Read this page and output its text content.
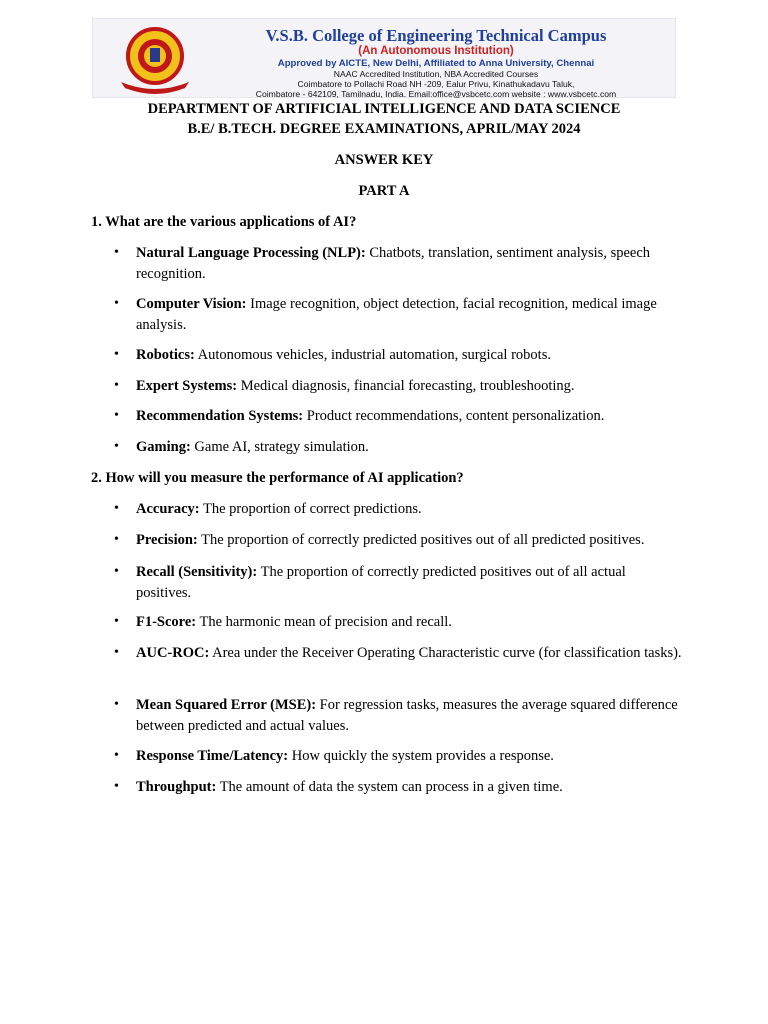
V.S.B. College of Engineering Technical Campus
(An Autonomous Institution)
Approved by AICTE, New Delhi, Affiliated to Anna University, Chennai
NAAC Accredited Institution, NBA Accredited Courses
Coimbatore to Pollachi Road NH -209, Ealur Privu, Kinathukadavu Taluk,
Coimbatore - 642109, Tamilnadu, India. Email:office@vsbcetc.com website : www.vsbcetc.com
DEPARTMENT OF ARTIFICIAL INTELLIGENCE AND DATA SCIENCE
B.E/ B.TECH. DEGREE EXAMINATIONS, APRIL/MAY 2024
ANSWER KEY
PART A
1. What are the various applications of AI?
• Natural Language Processing (NLP): Chatbots, translation, sentiment analysis, speech recognition.
• Computer Vision: Image recognition, object detection, facial recognition, medical image analysis.
• Robotics: Autonomous vehicles, industrial automation, surgical robots.
• Expert Systems: Medical diagnosis, financial forecasting, troubleshooting.
• Recommendation Systems: Product recommendations, content personalization.
• Gaming: Game AI, strategy simulation.
2. How will you measure the performance of AI application?
• Accuracy: The proportion of correct predictions.
• Precision: The proportion of correctly predicted positives out of all predicted positives.
• Recall (Sensitivity): The proportion of correctly predicted positives out of all actual positives.
• F1-Score: The harmonic mean of precision and recall.
• AUC-ROC: Area under the Receiver Operating Characteristic curve (for classification tasks).
• Mean Squared Error (MSE): For regression tasks, measures the average squared difference between predicted and actual values.
• Response Time/Latency: How quickly the system provides a response.
• Throughput: The amount of data the system can process in a given time.
